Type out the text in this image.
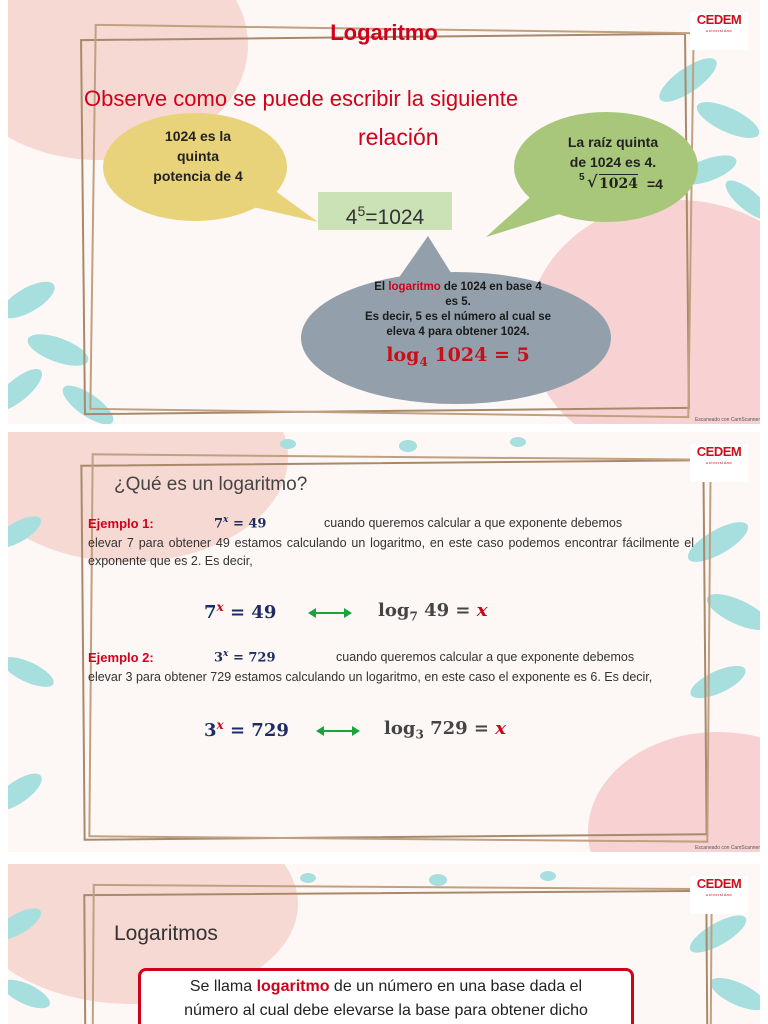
CEDEM
universidad
Logaritmo
Observe como se puede escribir la siguiente
relación
1024 es la
quinta
potencia de 4
$4^5=1024$
La raíz quinta
de 1024 es 4.
5 √ 1024 =4
El logaritmo de 1024 en base 4
es 5.
Es decir, 5 es el número al cual se
eleva 4 para obtener 1024.
$\log_4 1024 = 5$
Escaneado con CamScanner
CEDEM
universidad
¿Qué es un logaritmo?
Ejemplo 1:	$7^x = 49$	cuando queremos calcular a que exponente debemos

elevar 7 para obtener 49 estamos calculando un logaritmo, en este caso podemos encontrar fácilmente el exponente que es 2. Es decir,

$7^x = 49$	$\log_7 49 = x$
Ejemplo 2:	$3^x = 729$	cuando queremos calcular a que exponente debemos

elevar 3 para obtener 729 estamos calculando un logaritmo, en este caso el exponente es 6. Es decir,

$3^x = 729$	$\log_3 729 = x$
Escaneado con CamScanner
CEDEM
universidad
Logaritmos
Se llama logaritmo de un número en una base dada el
número al cual debe elevarse la base para obtener dicho
